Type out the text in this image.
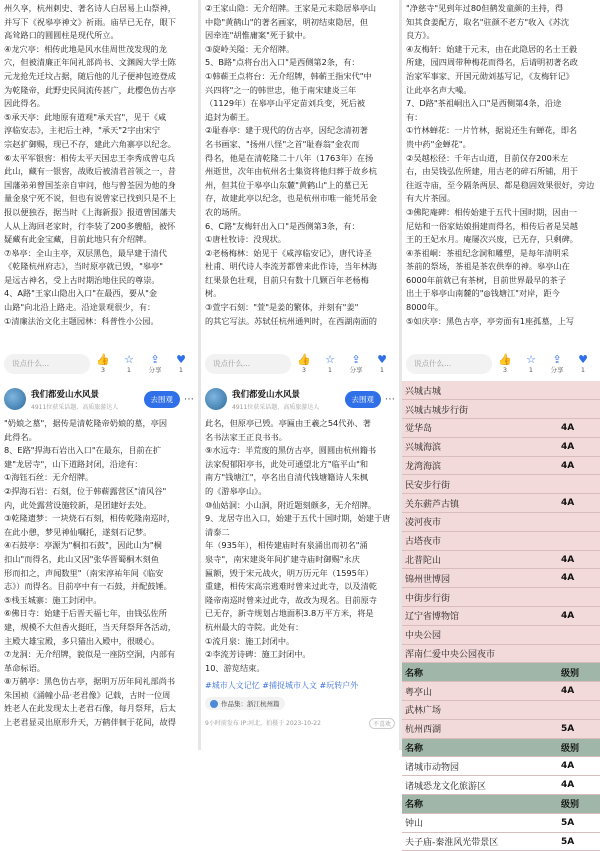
州久享，杭州刺史、著名诗人白居易上山祭神，

并写下《祝皋亭神文》祈雨。庙早已无存，眼下

高耸路口的圆圆柱是现代所立。

④龙穴亭：相传此地是风水佳周世茂发现的龙

穴，但被清廉正年间礼部尚书、文渊阁大学士陈

元龙抢先迁坟占据，随后他的儿子便神包迹登成

为乾隆帝，此野史民间流传甚广，此樱色仿古亭

因此得名。

⑤承天亭：此地原有道观"承天宫"，见于《咸

淳临安志》，主祀后土神，"承天"2字由宋宁

宗赵扩御赐，现已不存，建此六角寨亭以纪念。

⑥太平军银窖：相传太平天国忠王李秀成曾屯兵

此山，藏有一银窖，战败后被清君首领之一，昔

国藩弟弟曾国荃亲自审问，他与曾荃因为他的身

量金泉宁死不说，但也有说曾家已找到只是不上

报以便独吞，据当时《上海新报》报道曾国藩夫

人从上海回老家时，行李装了200多艘船，被怀

疑藏有此金宝藏，目前此地只有介绍牌。

⑦皋亭：全山主亭，双层黑色，最早建于清代

《乾隆杭州府志》，当时原亭就已毁，"皋亭"

是远古神名，受上古时期治地住民的尊崇。

4、A路"王家山隐出入口"在最西，要从"金

山路"向北沿上路走。沿途景观很少，有：

①清廉法治文化主题园林：科普性小公园。

说点什么...	👍
3
☆
1
⇪
分享
♥
1

②王家山隐：无介绍牌。王家是元末隐居皋亭山

中隐"黄鹤山"的著名画家，明初结束隐居，但

因牵连"胡惟庸案"死于狱中。

③旋岭关隘：无介绍牌。

5、B路"点将台出入口"是西侧第2条，有：

①韩蕲王点将台：无介绍牌，韩蕲王指宋代"中

兴四将"之一的韩世忠，他于南宋建炎三年

（1129年）在皋亭山平定苗刘兵变，死后被

追封为蕲王。

②耻春亭：建于现代的仿古亭，因纪念清初著

名书画家、"扬州八怪"之首"耻春翁"金农而

得名，他是在清乾隆二十八年（1763年）在扬

州逝世，次年由杭州名士集资将他归葬于故乡杭

州，但其位于皋亭山东麓"黄鹤山"上的墓已无

存，故建此亭以纪念，也是杭州市唯一能凭吊金

农的场所。

6、C路"友梅轩出入口"是西侧第3条，有：

①唐杜牧诗：没现状。

②老杨梅林：始见于《咸淳临安记》，唐代诗圣

杜甫、明代诗人李流芳都曾来此作诗，当年林海

红果景色壮观，目前只有数十几颗百年老杨梅

树。

③萱字石刻："萱"是姜的繁体，并刻有"姜"

的其它写法。苏轼任杭州通判时，在西湖南面的

说点什么...	👍
3
☆
1
⇪
分享
♥
1

"净慈寺"见到年过80但鹤发童颜的主持，得

知其食姜配方，取名"驻颜不老方"收入《苏沈

良方》。

④友梅轩：始建于元末，由在此隐居的名士王毅

所建，园四周带种梅花而得名，后请明初著名政

治家军事家、开国元勋刘基写记，《友梅轩记》

让此亭名声大噪。

7、D路"茶祖峒出入口"是西侧第4条，沿途

有：

①竹林蝉花：一片竹林，据说还生有蝉花，即名

贵中药"金蝉花"。

②吴越松径：千年古山道，目前仅存200米左

右，由吴钱弘佐所建，用古老的碎石所铺，用于

往返寺庙，至今隔条两层、都是稳固效果很好，旁边

有大片茶园。

③佛陀庵碑：相传始建于五代十国时期，因由一

尼姑和一俗家姑娘捐建而得名，相传后者是吴越

王的王妃水月。庵屡次兴废，已无存，只剩碑。

④茶祖峒：茶祖纪念洞和雕塑，是每年清明采

茶前的祭场，茶祖是茶农供奉的神。皋亭山在

6000年前就已有茶树，目前世界最早的茶子

出土于皋亭山南麓的"◎钱塘江"对岸，距今

8000年。

⑤如庆亭：黑色古亭，亭旁面有1座孤墓，上写

说点什么...	👍
3
☆
1
⇪
分享
♥
1
我们都爱山水风景
4911位获采话题，高质旅游达人
去围观	⋯

"奶娘之墓"，据传是清乾隆帝奶娘的墓，亭因

此得名。

8、E路"捍海石岩出入口"在最东，目前在扩

建"龙居寺"，山下道路封闭，沿途有：

①海钰石丝：无介绍牌。

②捍海石岩：石刻，位于韩蕲露营区"清风谷"

内，此处露营设施较新，是团建好去处。

③乾隆遗梦：一块烧石石刻，相传乾隆南巡时，

在此小憩，梦见神仙嘱托，遂刻石记梦。

④石鼓亭：亭源为"桐扣石鼓"，因此山为"桐

扣山"而得名，此山又因"张华晋蜀桐木刻鱼

形而扣之，声闻数里"（南宋淳祐年间《临安

志》）而得名。目前亭中有一石鼓，并配鼓锤。

⑤栈玉城寨：施工封闭中。

⑥佛日寺：始建于后晋天福七年，由钱弘佐所

建，规模不大但香火挺旺，当天拜祭拜各活动，

主殿大雄宝殿，多只猫出入殿中，很暖心。

⑦龙洞：无介绍牌，貌似是一座防空洞，内部有

革命标语。

⑧万鹤亭：黑色仿古亭，据明万历年间礼部尚书

朱国祯《涌幢小品·老君像》记载，古时一位周

姓老人在此发现太上老君石像，每月祭拜，后太

上老君显灵出原形升天，万鹤伴徊于花间，故得

我们都爱山水风景
4911位获采话题，高质旅游达人
去围观	⋯

此名，但原亭已毁。亭匾由王羲之54代孙、著

名书法家王正良书书。

⑨水远寺：半荒废的黑仿古亭，圆圆由杭州籍书

法家倪郁阳亭书，此处可通望北方"临平山"和

南方"钱塘江"，亭名出自清代钱塘籍诗人朱枫

的《游皋亭山》。

⑩仙姑洞：小山洞，附近题刻颇多，无介绍牌。

9、龙居寺出入口，始建于五代十国时期，始建于唐清泰二

年（935年），相传建庙时有泉涌出而初名"涌

泉寺"，南宋建炎年间扩建寺庙时御赐"永庆

匾额，毁于宋元战火，明万历元年（1595年）

重建，相传宋高宗逃难时曾来过此寺，以及清乾

隆帝南巡时曾来过此寺，故改为现名。目前原寺

已无存，新寺规划占地面积3.8万平方米，将是

杭州最大的寺院。此处有：

①流月泉：施工封闭中。

②李流芳诗碑：施工封闭中。

10、游览结束。

#城市人文记忆 #捕捉城市人文 #玩转户外
作品集：浙江杭州篇
9小时前发布 IP:河北，拍摄于 2023-10-22	不喜欢
兴城古城	
兴城古城步行街	
觉华岛	4A
兴城海滨	4A
龙湾海滨	4A
民安步行街	
关东薪芦古镇	4A
凌河夜市	
古塔夜市	
北普陀山	4A
锦州世博园	4A
中街步行街	
辽宁省博物馆	4A
中央公园	
浑南仁爱中央公园夜市	
名称	级别
粤亭山	4A
武林广场	
杭州西湖	5A
名称	级别
诸城市动物园	4A
诸城恐龙文化旅游区	4A
名称	级别
钟山	5A
夫子庙-秦淮风光带景区	5A
